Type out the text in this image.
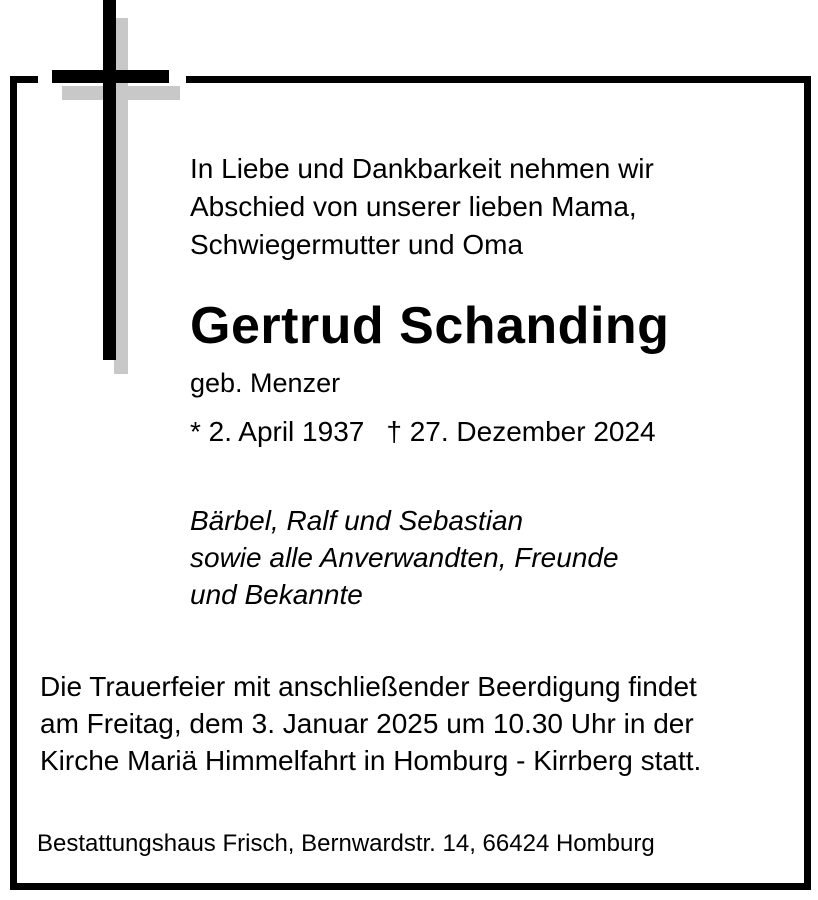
In Liebe und Dankbarkeit nehmen wir
Abschied von unserer lieben Mama,
Schwiegermutter und Oma
Gertrud Schanding
geb. Menzer
* 2. April 1937 † 27. Dezember 2024
Bärbel, Ralf und Sebastian
sowie alle Anverwandten, Freunde
und Bekannte
Die Trauerfeier mit anschließender Beerdigung findet
am Freitag, dem 3. Januar 2025 um 10.30 Uhr in der
Kirche Mariä Himmelfahrt in Homburg - Kirrberg statt.
Bestattungshaus Frisch, Bernwardstr. 14, 66424 Homburg
